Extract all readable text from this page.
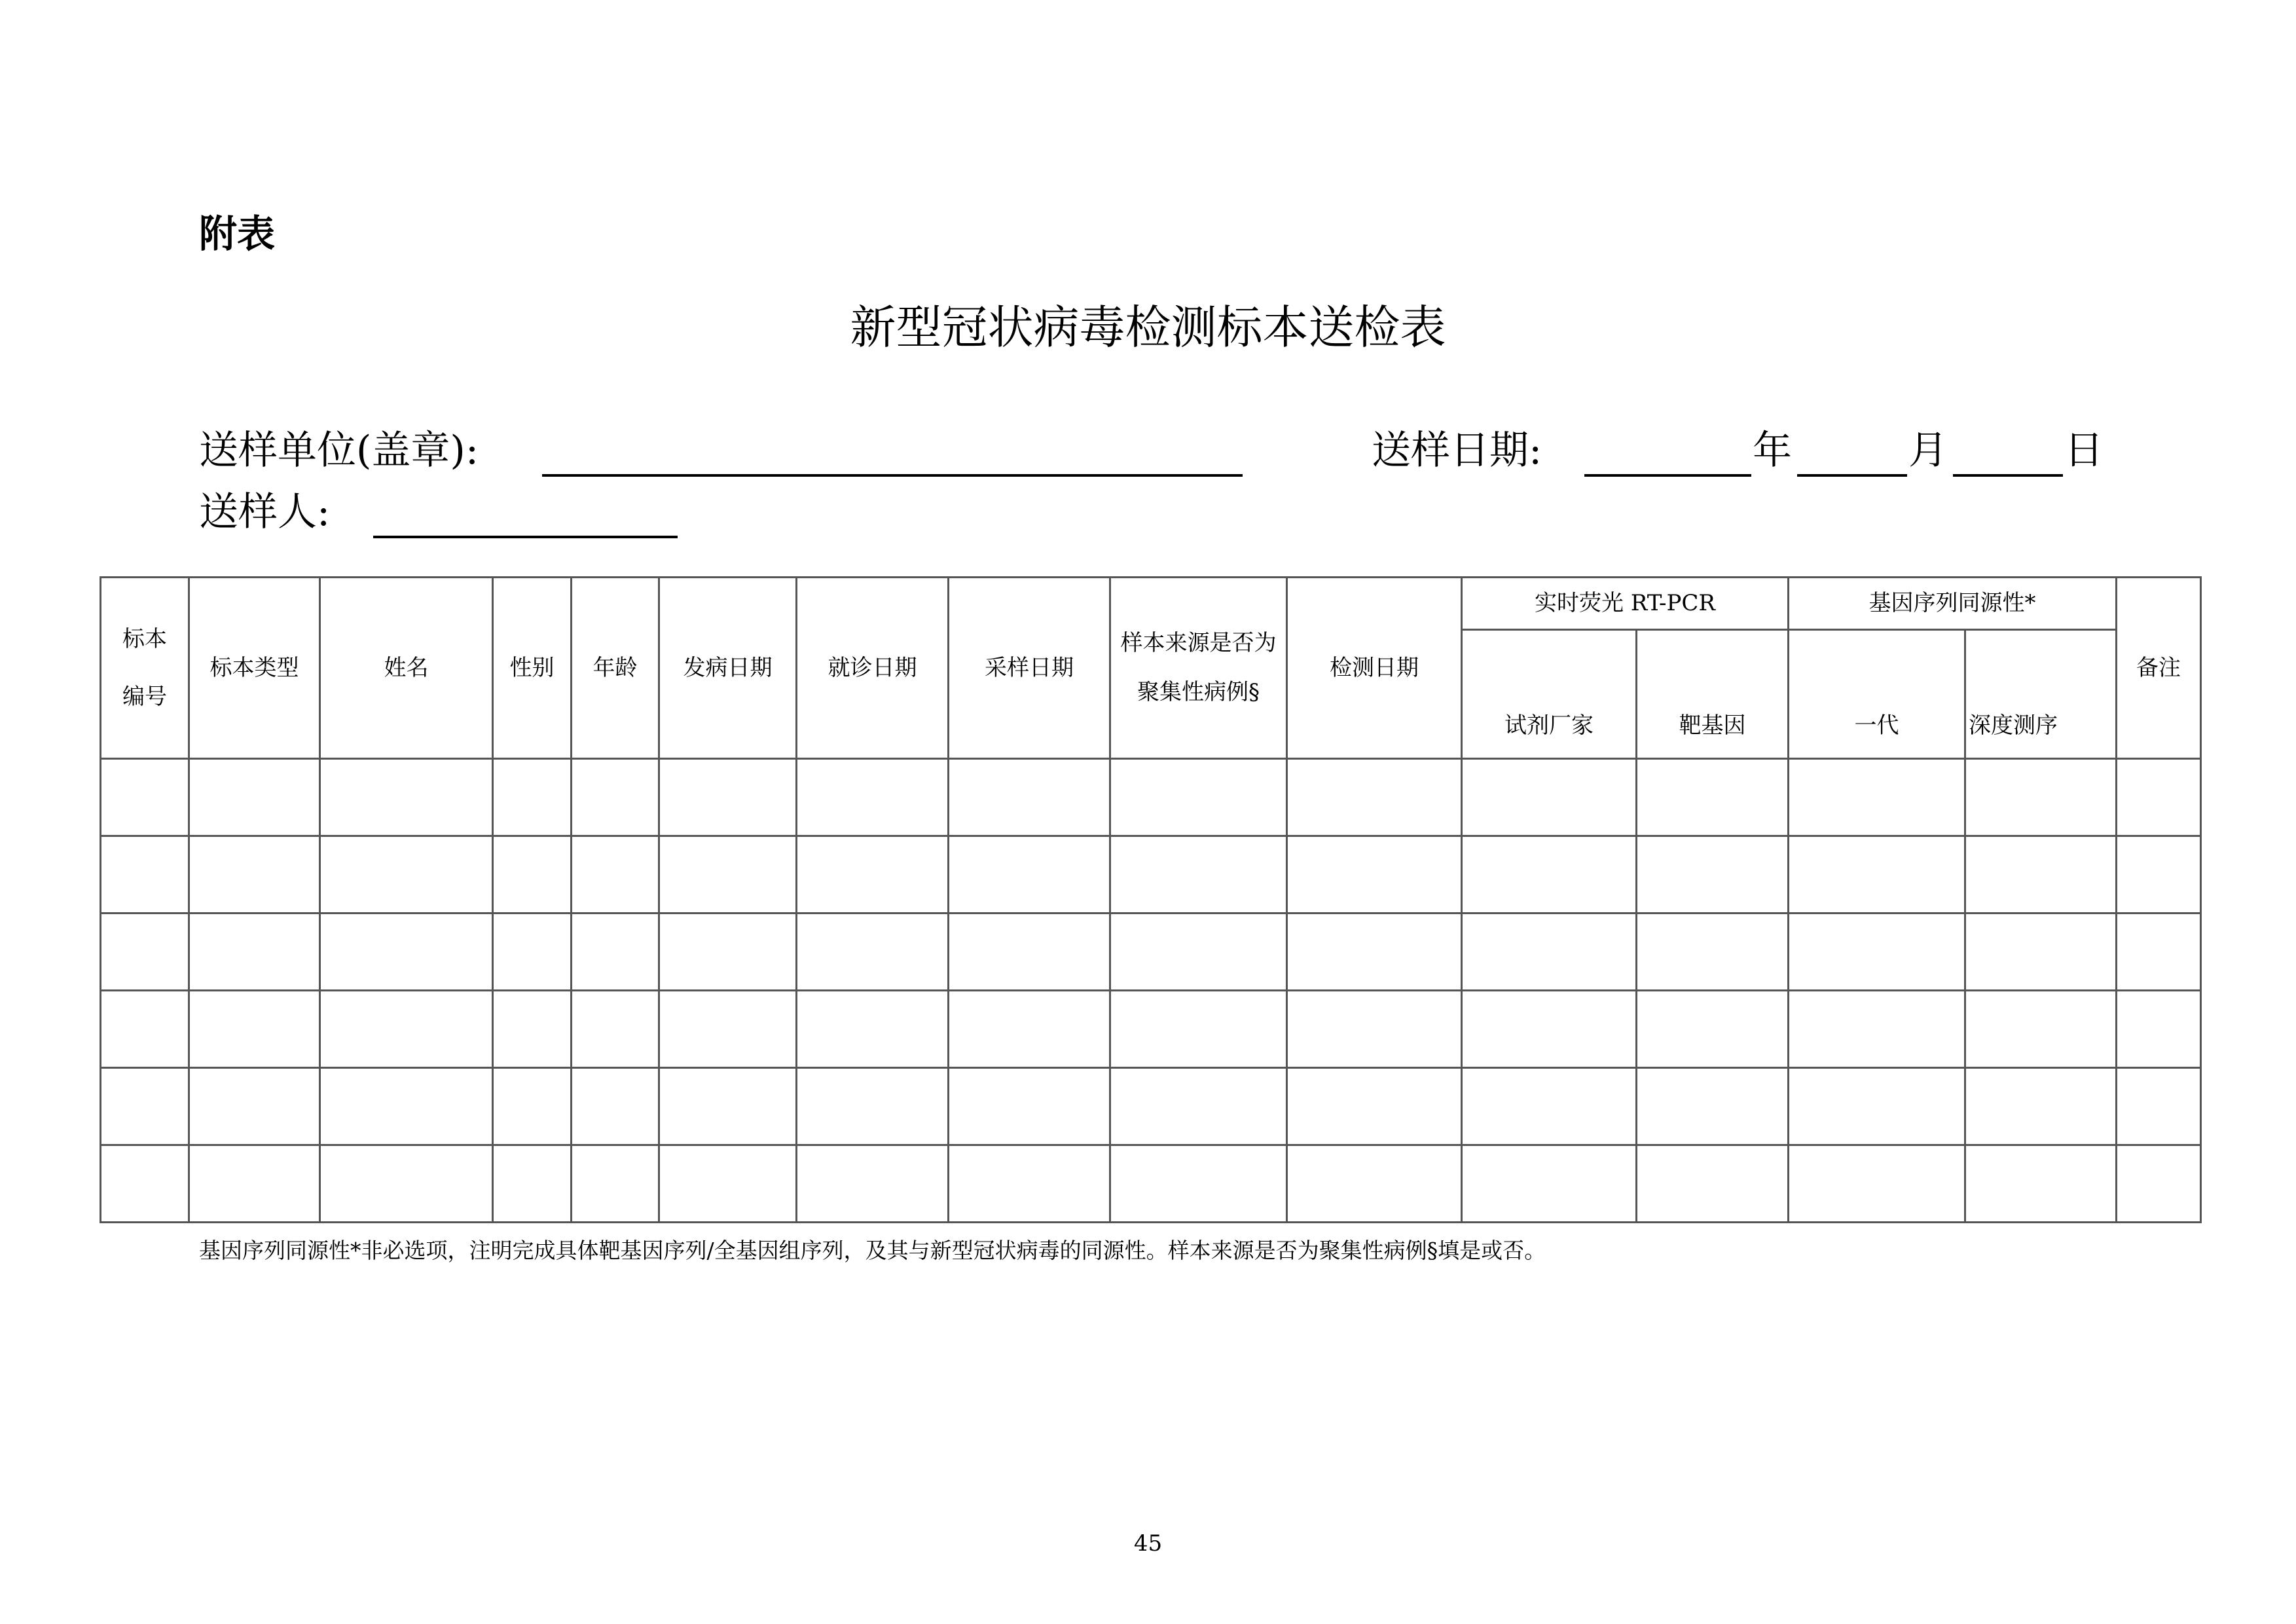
附表
新型冠状病毒检测标本送检表
送样单位(盖章):	送样日期:	年	月	日
送样人:
标本
编号	标本类型	姓名	性别	年龄	发病日期	就诊日期	采样日期	样本来源是否为聚集性病例§	检测日期	实时荧光 RT-PCR		基因序列同源性*		备注
										试剂厂家	靶基因	一代	深度测序	

基因序列同源性*非必选项，注明完成具体靶基因序列/全基因组序列，及其与新型冠状病毒的同源性。样本来源是否为聚集性病例§填是或否。
45
